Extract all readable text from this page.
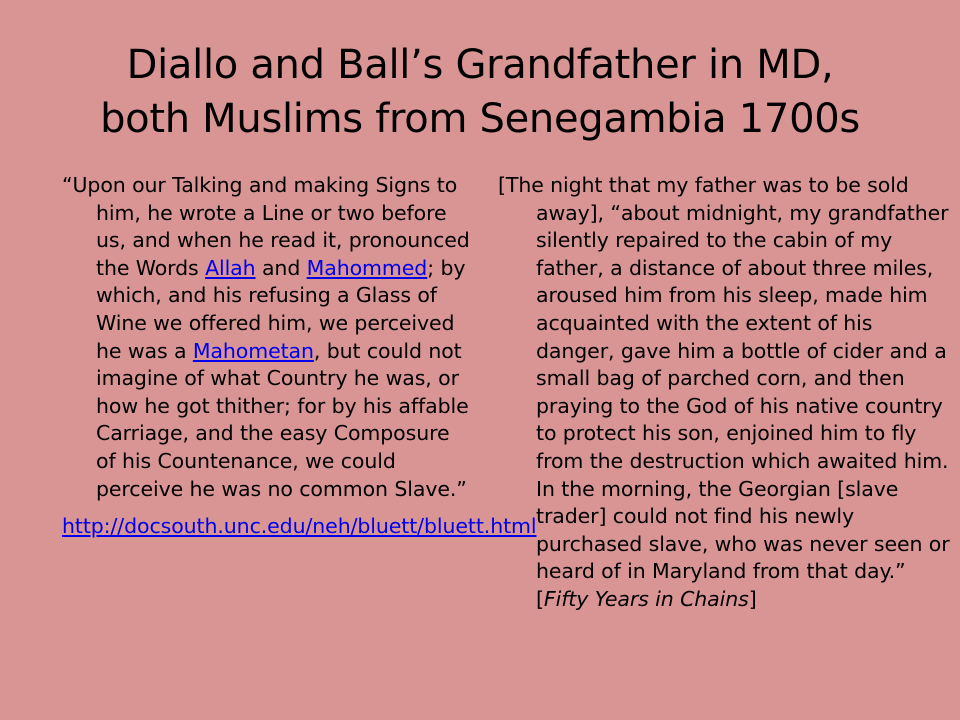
Diallo and Ball’s Grandfather in MD,
both Muslims from Senegambia 1700s

“Upon our Talking and making Signs to him, he wrote a Line or two before us, and when he read it, pronounced the Words Allah and Mahommed; by which, and his refusing a Glass of Wine we offered him, we perceived he was a Mahometan, but could not imagine of what Country he was, or how he got thither; for by his affable Carriage, and the easy Composure of his Countenance, we could perceive he was no common Slave.”

http://docsouth.unc.edu/neh/bluett/bluett.html

[The night that my father was to be sold away], “about midnight, my grandfather silently repaired to the cabin of my father, a distance of about three miles, aroused him from his sleep, made him acquainted with the extent of his danger, gave him a bottle of cider and a small bag of parched corn, and then praying to the God of his native country to protect his son, enjoined him to fly from the destruction which awaited him. In the morning, the Georgian [slave trader] could not find his newly purchased slave, who was never seen or heard of in Maryland from that day.” [Fifty Years in Chains]
